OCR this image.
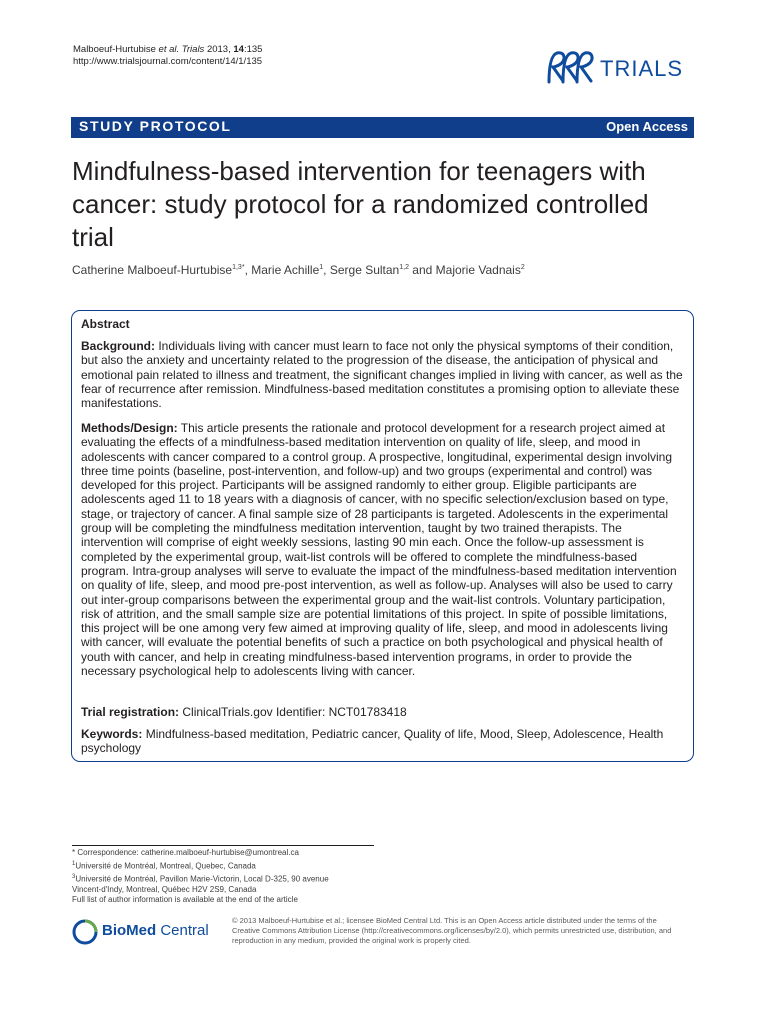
Malboeuf-Hurtubise et al. Trials 2013, 14:135
http://www.trialsjournal.com/content/14/1/135	TRIALS
STUDY PROTOCOL	Open Access
Mindfulness-based intervention for teenagers with cancer: study protocol for a randomized controlled trial
Catherine Malboeuf-Hurtubise$^{1,3*}$, Marie Achille$^1$, Serge Sultan$^{1,2}$ and Majorie Vadnais$^2$
Abstract
Background: Individuals living with cancer must learn to face not only the physical symptoms of their condition, but also the anxiety and uncertainty related to the progression of the disease, the anticipation of physical and emotional pain related to illness and treatment, the significant changes implied in living with cancer, as well as the fear of recurrence after remission. Mindfulness-based meditation constitutes a promising option to alleviate these manifestations.
Methods/Design: This article presents the rationale and protocol development for a research project aimed at evaluating the effects of a mindfulness-based meditation intervention on quality of life, sleep, and mood in adolescents with cancer compared to a control group. A prospective, longitudinal, experimental design involving three time points (baseline, post-intervention, and follow-up) and two groups (experimental and control) was developed for this project. Participants will be assigned randomly to either group. Eligible participants are adolescents aged 11 to 18 years with a diagnosis of cancer, with no specific selection/exclusion based on type, stage, or trajectory of cancer. A final sample size of 28 participants is targeted. Adolescents in the experimental group will be completing the mindfulness meditation intervention, taught by two trained therapists. The intervention will comprise of eight weekly sessions, lasting 90 min each. Once the follow-up assessment is completed by the experimental group, wait-list controls will be offered to complete the mindfulness-based program. Intra-group analyses will serve to evaluate the impact of the mindfulness-based meditation intervention on quality of life, sleep, and mood pre-post intervention, as well as follow-up. Analyses will also be used to carry out inter-group comparisons between the experimental group and the wait-list controls. Voluntary participation, risk of attrition, and the small sample size are potential limitations of this project. In spite of possible limitations, this project will be one among very few aimed at improving quality of life, sleep, and mood in adolescents living with cancer, will evaluate the potential benefits of such a practice on both psychological and physical health of youth with cancer, and help in creating mindfulness-based intervention programs, in order to provide the necessary psychological help to adolescents living with cancer.
Trial registration: ClinicalTrials.gov Identifier: NCT01783418
Keywords: Mindfulness-based meditation, Pediatric cancer, Quality of life, Mood, Sleep, Adolescence, Health psychology
* Correspondence: catherine.malboeuf-hurtubise@umontreal.ca
$^1$Université de Montréal, Montreal, Quebec, Canada
$^3$Université de Montréal, Pavillon Marie-Victorin, Local D-325, 90 avenue
Vincent-d'Indy, Montreal, Québec H2V 2S9, Canada
Full list of author information is available at the end of the article
BioMed Central
© 2013 Malboeuf-Hurtubise et al.; licensee BioMed Central Ltd. This is an Open Access article distributed under the terms of the Creative Commons Attribution License (http://creativecommons.org/licenses/by/2.0), which permits unrestricted use, distribution, and reproduction in any medium, provided the original work is properly cited.
